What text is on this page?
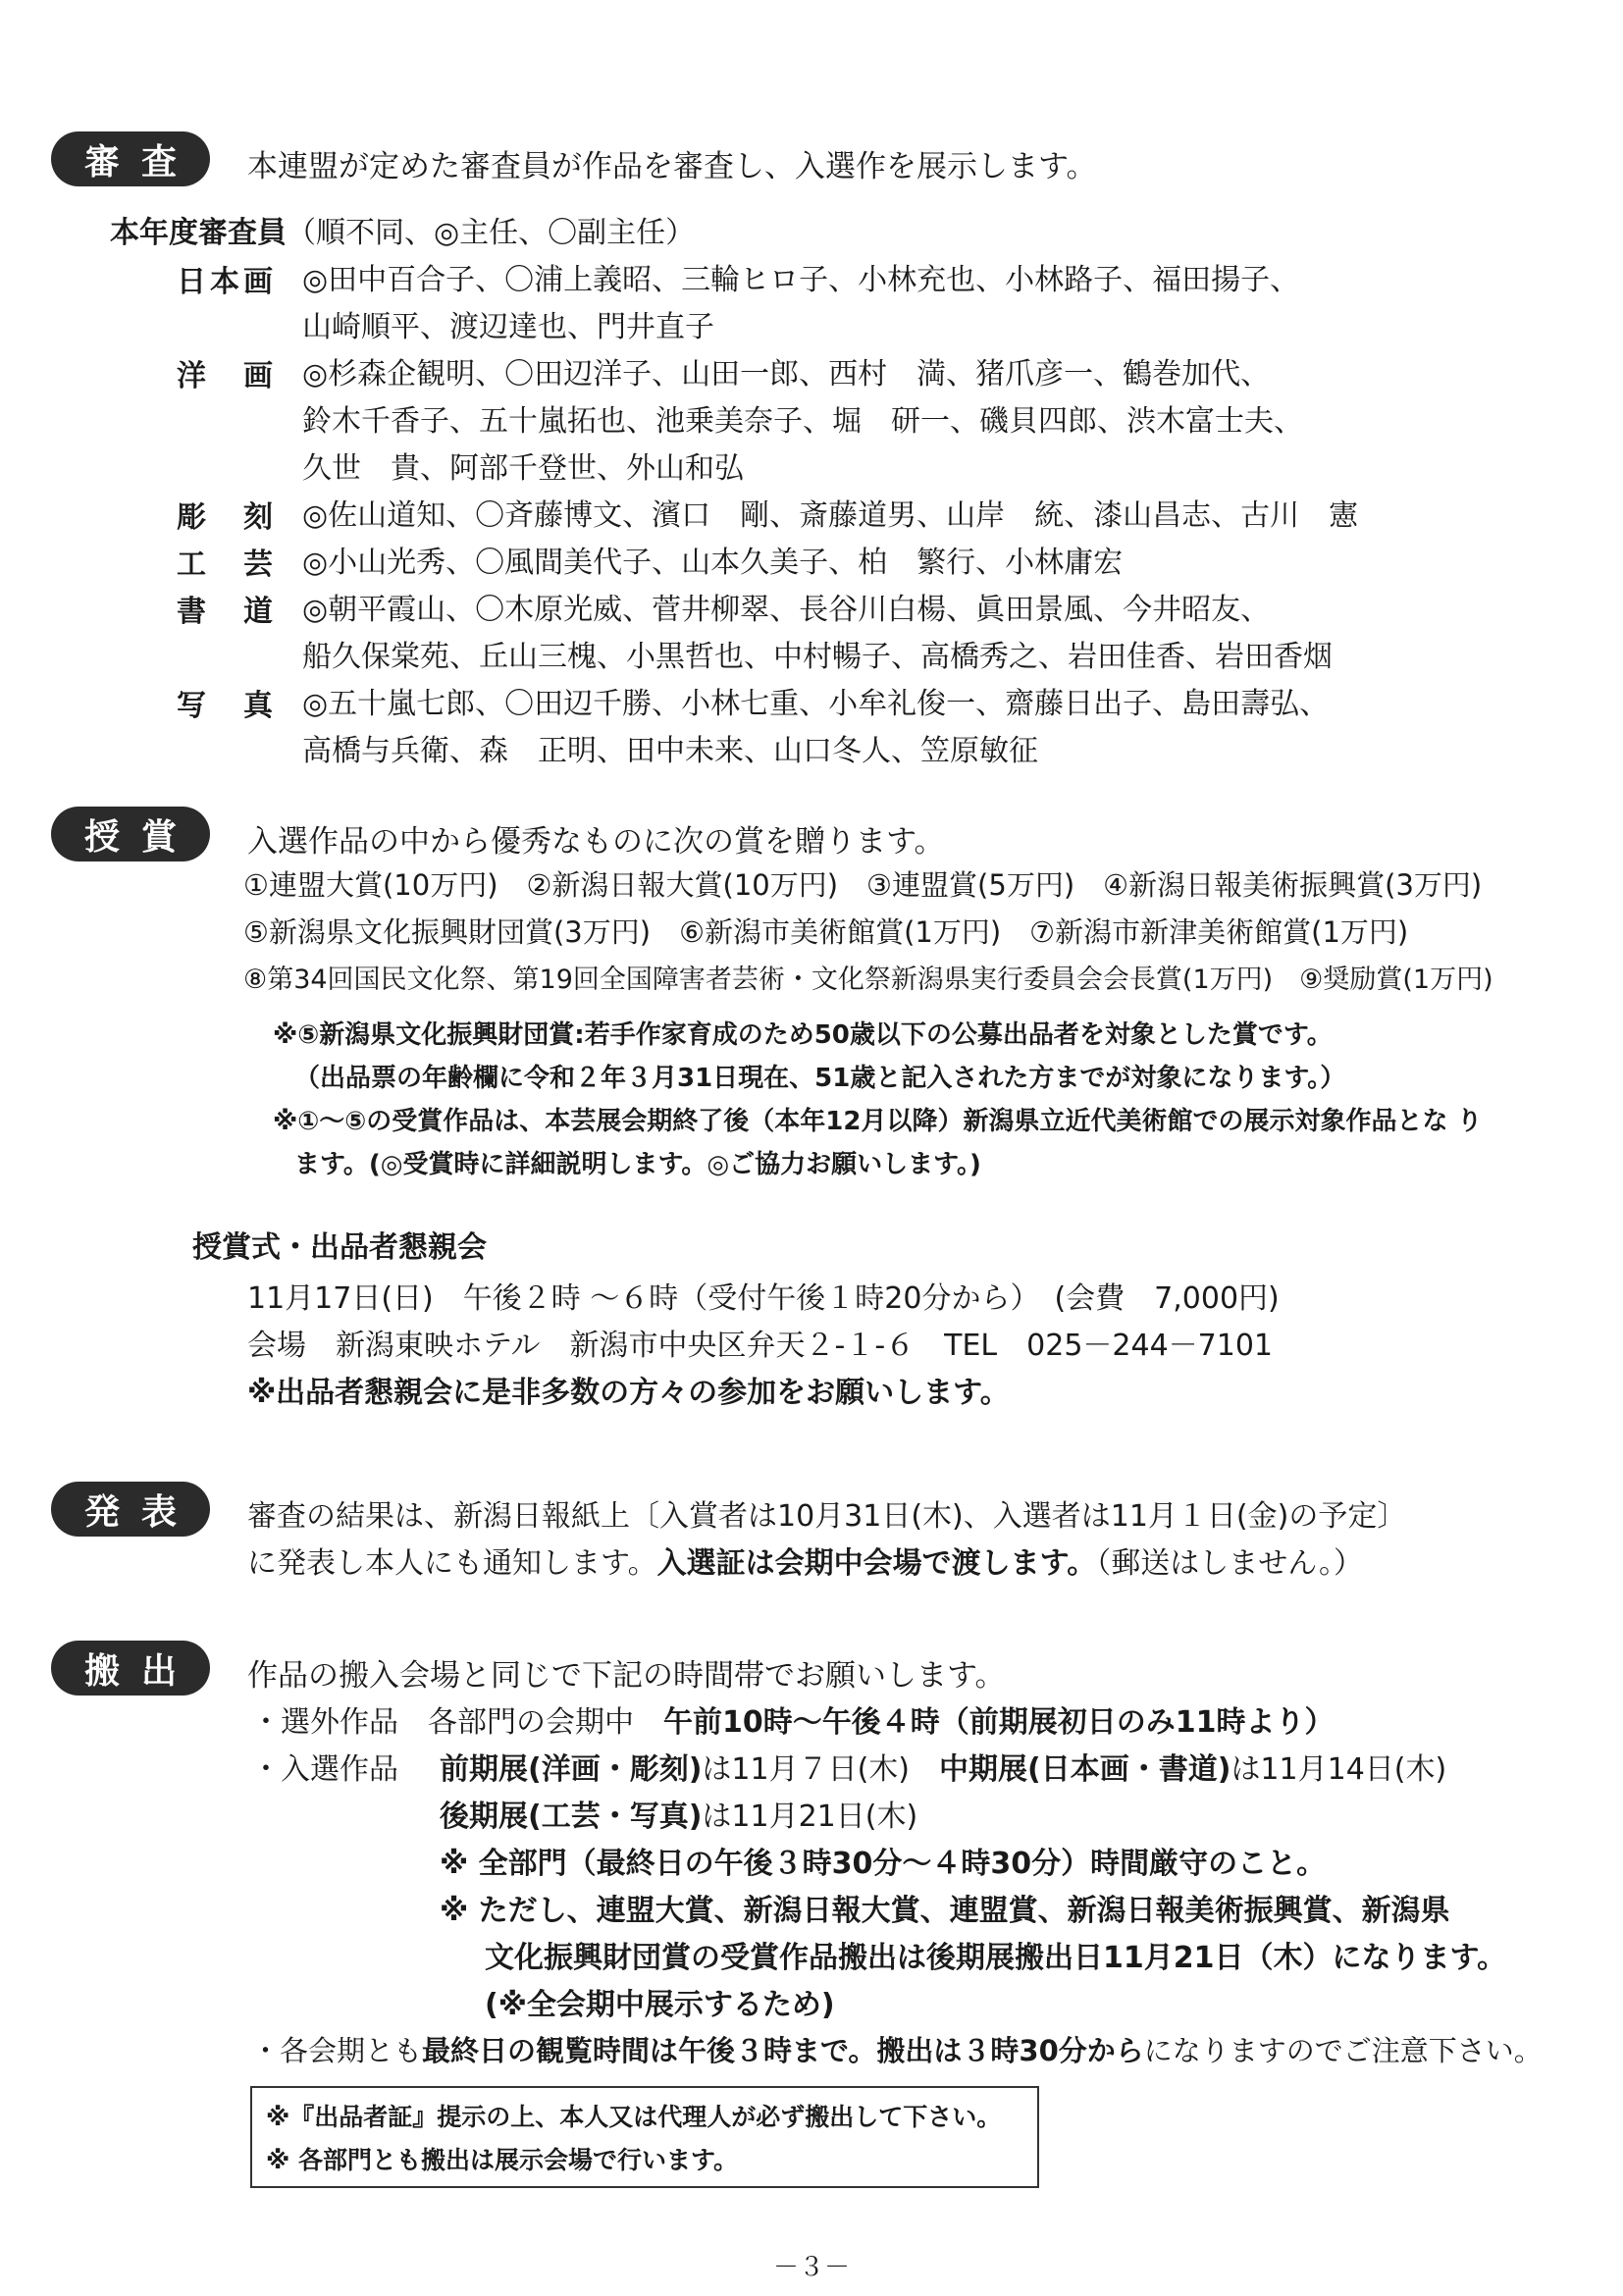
審査 本連盟が定めた審査員が作品を審査し、入選作を展示します。
本年度審査員（順不同、◎主任、〇副主任）
日 本 画 ◎田中百合子、〇浦上義昭、三輪ヒロ子、小林充也、小林路子、福田揚子、
山崎順平、渡辺達也、門井直子
洋 画 ◎杉森企観明、〇田辺洋子、山田一郎、西村　満、猪爪彦一、鶴巻加代、
鈴木千香子、五十嵐拓也、池乗美奈子、堀　研一、磯貝四郎、渋木富士夫、
久世　貴、阿部千登世、外山和弘
彫 刻 ◎佐山道知、〇斉藤博文、濱口　剛、斎藤道男、山岸　統、漆山昌志、古川　憲
工 芸 ◎小山光秀、〇風間美代子、山本久美子、柏　繁行、小林庸宏
書 道 ◎朝平霞山、〇木原光威、菅井柳翠、長谷川白楊、眞田景風、今井昭友、
船久保棠苑、丘山三槐、小黒哲也、中村暢子、高橋秀之、岩田佳香、岩田香烟
写 真 ◎五十嵐七郎、〇田辺千勝、小林七重、小牟礼俊一、齋藤日出子、島田壽弘、
高橋与兵衛、森　正明、田中未来、山口冬人、笠原敏征
授賞 入選作品の中から優秀なものに次の賞を贈ります。
①連盟大賞(10万円)　②新潟日報大賞(10万円)　③連盟賞(5万円)　④新潟日報美術振興賞(3万円)
⑤新潟県文化振興財団賞(3万円)　⑥新潟市美術館賞(1万円)　⑦新潟市新津美術館賞(1万円)
⑧第34回国民文化祭、第19回全国障害者芸術・文化祭新潟県実行委員会会長賞(1万円)　⑨奨励賞(1万円)
※⑤新潟県文化振興財団賞:若手作家育成のため50歳以下の公募出品者を対象とした賞です。
（出品票の年齢欄に令和２年３月31日現在、51歳と記入された方までが対象になります。）
※①～⑤の受賞作品は、本芸展会期終了後（本年12月以降）新潟県立近代美術館での展示対象作品とな り
ます。(◎受賞時に詳細説明します。◎ご協力お願いします。)
授賞式・出品者懇親会
11月17日(日)　午後２時 ～６時（受付午後１時20分から）　(会費　7,000円)
会場　新潟東映ホテル　新潟市中央区弁天２-１-６　TEL　025－244－7101
※出品者懇親会に是非多数の方々の参加をお願いします。
発表 審査の結果は、新潟日報紙上〔入賞者は10月31日(木)、入選者は11月１日(金)の予定〕
に発表し本人にも通知します。入選証は会期中会場で渡します。（郵送はしません。）
搬出 作品の搬入会場と同じで下記の時間帯でお願いします。
・選外作品　各部門の会期中　 午前10時～午後４時（前期展初日のみ11時より）
・入選作品 前期展(洋画・彫刻)は11月７日(木)　 中期展(日本画・書道)は11月14日(木)
後期展(工芸・写真)は11月21日(木)
※ 全部門（最終日の午後３時30分～４時30分）時間厳守のこと。
※ ただし、連盟大賞、新潟日報大賞、連盟賞、新潟日報美術振興賞、新潟県
文化振興財団賞の受賞作品搬出は後期展搬出日11月21日（木）になります。
(※全会期中展示するため)
・各会期とも最終日の観覧時間は午後３時まで。搬出は３時30分からになりますのでご注意下さい。
※『出品者証』提示の上、本人又は代理人が必ず搬出して下さい。
※ 各部門とも搬出は展示会場で行います。
－３－
